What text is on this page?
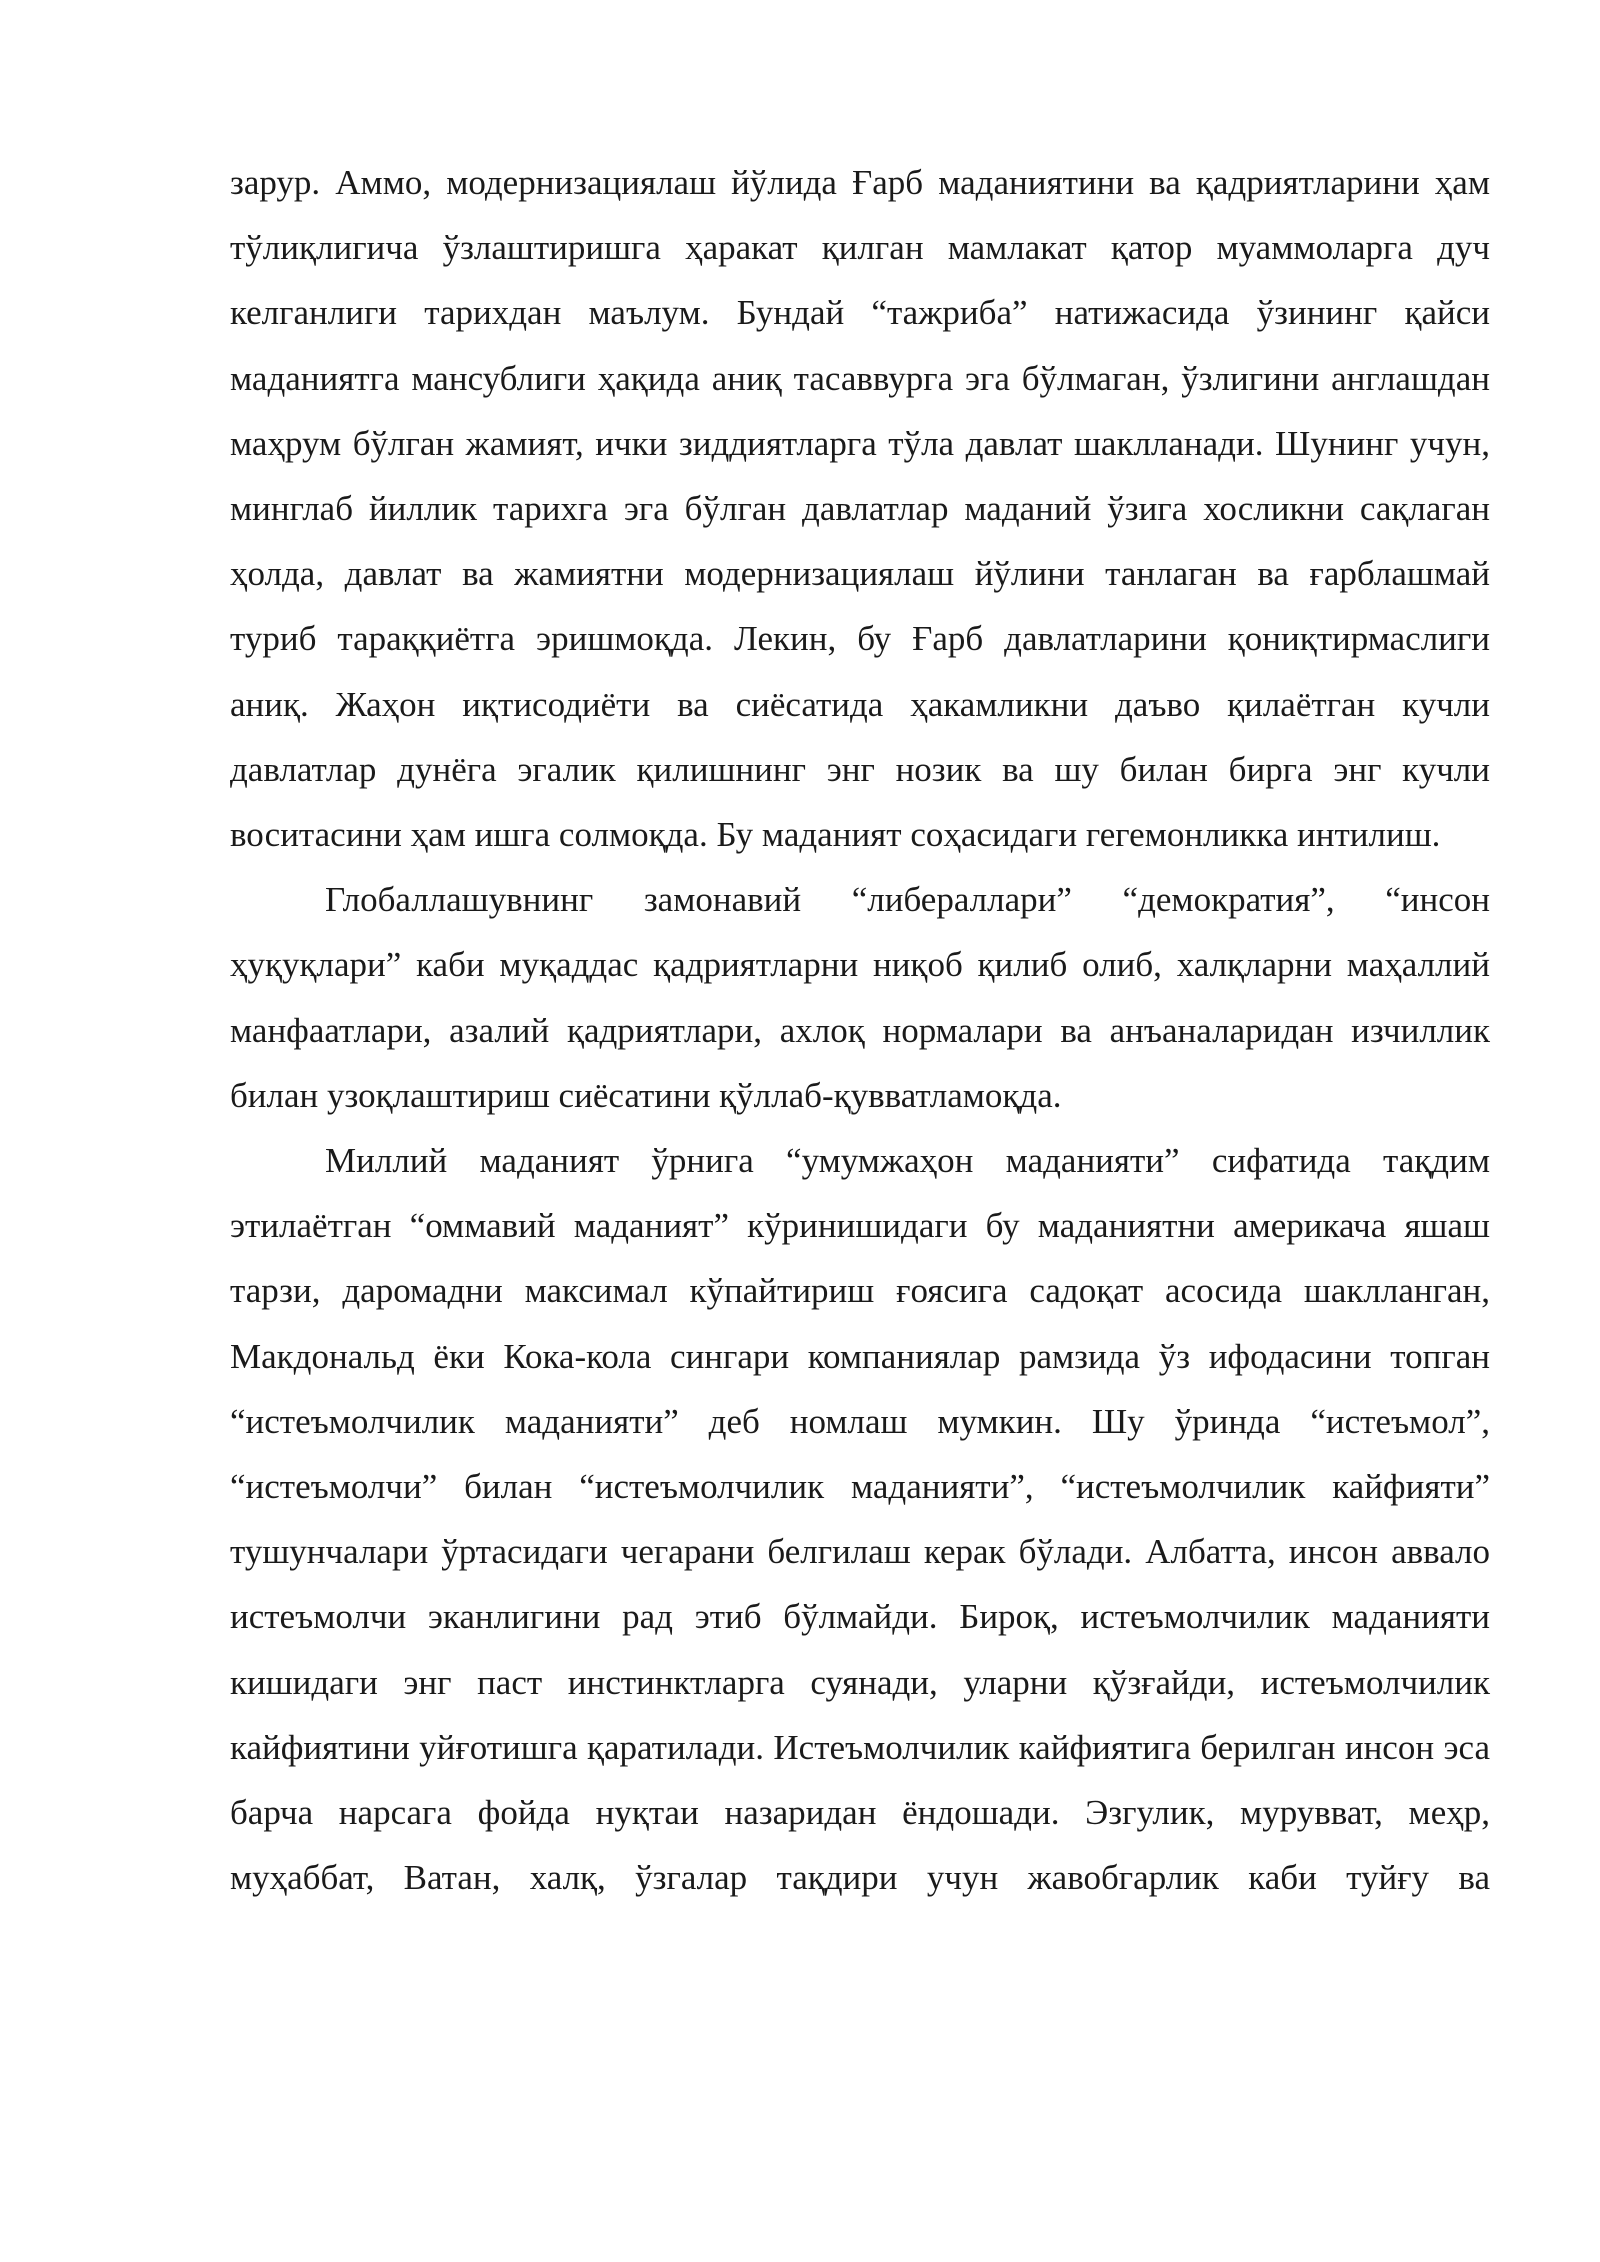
зарур. Аммо, модернизациялаш йўлида Ғарб маданиятини ва қадриятларини ҳам тўлиқлигича ўзлаштиришга ҳаракат қилган мамлакат қатор муаммоларга дуч келганлиги тарихдан маълум. Бундай “тажриба” натижасида ўзининг қайси маданиятга мансублиги ҳақида аниқ тасаввурга эга бўлмаган, ўзлигини англашдан маҳрум бўлган жамият, ички зиддиятларга тўла давлат шаклланади. Шунинг учун, минглаб йиллик тарихга эга бўлган давлатлар маданий ўзига хосликни сақлаган ҳолда, давлат ва жамиятни модернизациялаш йўлини танлаган ва ғарблашмай туриб тараққиётга эришмоқда. Лекин, бу Ғарб давлатларини қониқтирмаслиги аниқ. Жаҳон иқтисодиёти ва сиёсатида ҳакамликни даъво қилаётган кучли давлатлар дунёга эгалик қилишнинг энг нозик ва шу билан бирга энг кучли воситасини ҳам ишга солмоқда. Бу маданият соҳасидаги гегемонликка интилиш.

Глобаллашувнинг замонавий “либераллари” “демократия”, “инсон ҳуқуқлари” каби муқаддас қадриятларни ниқоб қилиб олиб, халқларни маҳаллий манфаатлари, азалий қадриятлари, ахлоқ нормалари ва анъаналаридан изчиллик билан узоқлаштириш сиёсатини қўллаб-қувватламоқда.

Миллий маданият ўрнига “умумжаҳон маданияти” сифатида тақдим этилаётган “оммавий маданият” кўринишидаги бу маданиятни америкача яшаш тарзи, даромадни максимал кўпайтириш ғоясига садоқат асосида шаклланган, Макдональд ёки Кока-кола сингари компаниялар рамзида ўз ифодасини топган “истеъмолчилик маданияти” деб номлаш мумкин. Шу ўринда “истеъмол”, “истеъмолчи” билан “истеъмолчилик маданияти”, “истеъмолчилик кайфияти” тушунчалари ўртасидаги чегарани белгилаш керак бўлади. Албатта, инсон аввало истеъмолчи эканлигини рад этиб бўлмайди. Бироқ, истеъмолчилик маданияти кишидаги энг паст инстинктларга суянади, уларни қўзғайди, истеъмолчилик кайфиятини уйғотишга қаратилади. Истеъмолчилик кайфиятига берилган инсон эса барча нарсага фойда нуқтаи назаридан ёндошади. Эзгулик, мурувват, меҳр, муҳаббат, Ватан, халқ, ўзгалар тақдири учун жавобгарлик каби туйғу ва
